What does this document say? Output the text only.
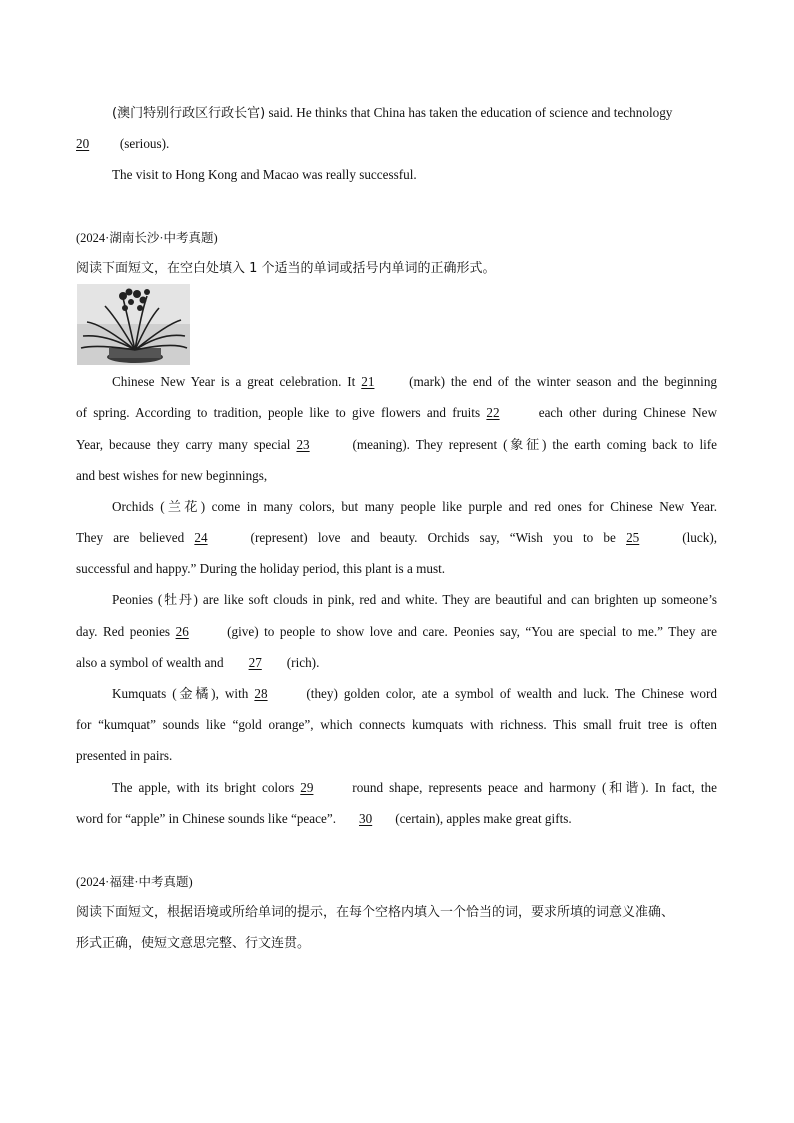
(澳门特别行政区行政长官) said. He thinks that China has taken the education of science and technology
20 (serious).
The visit to Hong Kong and Macao was really successful.
(2024·湖南长沙·中考真题)
阅读下面短文，在空白处填入 1 个适当的单词或括号内单词的正确形式。
Chinese New Year is a great celebration. It 21	(mark) the end of the winter season and the beginning
of spring. According to tradition, people like to give flowers and fruits 22	each other during Chinese New
Year, because they carry many special 23	(meaning). They represent (象征) the earth coming back to life
and best wishes for new beginnings,
Orchids (兰花) come in many colors, but many people like purple and red ones for Chinese New Year.
They are believed 24	(represent) love and beauty. Orchids say, “Wish you to be 25	(luck),
successful and happy.” During the holiday period, this plant is a must.
Peonies (牡丹) are like soft clouds in pink, red and white. They are beautiful and can brighten up someone’s
day. Red peonies 26	(give) to people to show love and care. Peonies say, “You are special to me.” They are
also a symbol of wealth and 27 (rich).
Kumquats (金橘), with 28	(they) golden color, ate a symbol of wealth and luck. The Chinese word
for “kumquat” sounds like “gold orange”, which connects kumquats with richness. This small fruit tree is often
presented in pairs.
The apple, with its bright colors 29	round shape, represents peace and harmony (和谐). In fact, the
word for “apple” in Chinese sounds like “peace”. 30 (certain), apples make great gifts.
(2024·福建·中考真题)
阅读下面短文，根据语境或所给单词的提示，在每个空格内填入一个恰当的词，要求所填的词意义准确、
形式正确，使短文意思完整、行文连贯。
